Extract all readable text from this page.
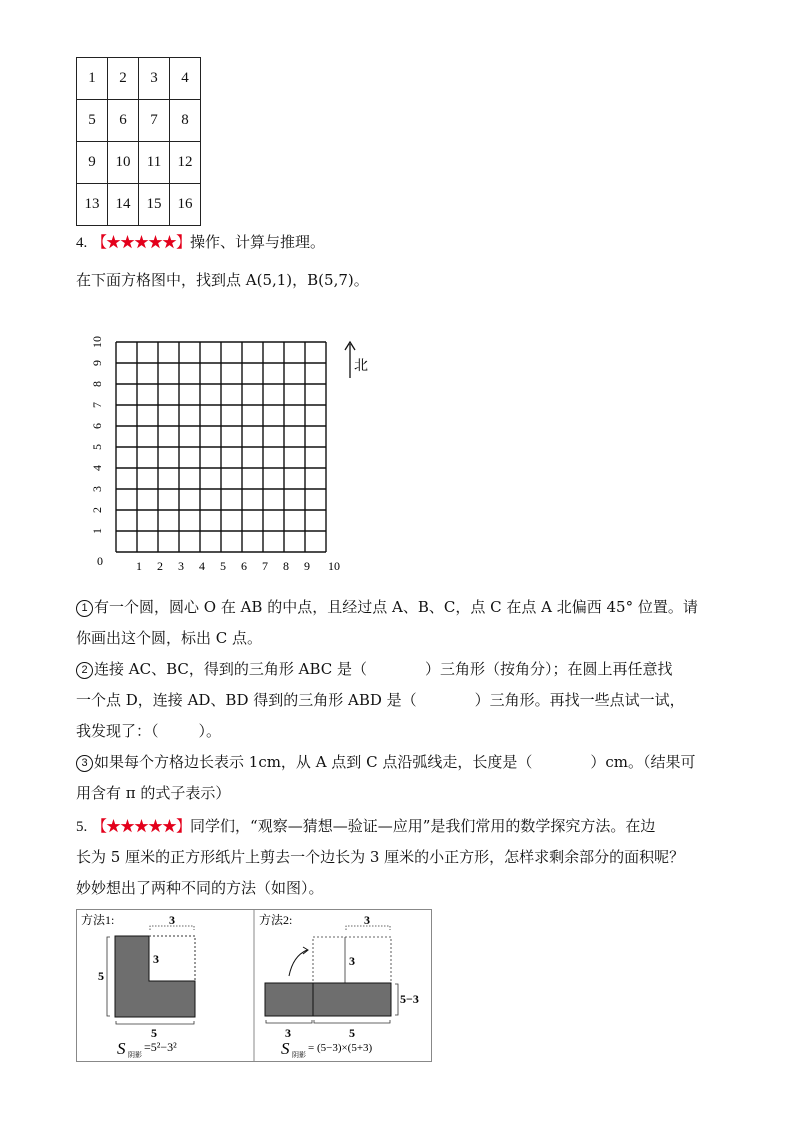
1	2	3	4
5	6	7	8
9	10	11	12
13	14	15	16
4. 【★★★★★】操作、计算与推理。
在下面方格图中，找到点 A(5,1)，B(5,7)。
0
1
2
3
4
5
6
7
8
9
10
1 2 3 4 5 6 7 8 9 10
北
1 有一个圆，圆心 O 在 AB 的中点，且经过点 A、B、C，点 C 在点 A 北偏西 45° 位置。请
你画出这个圆，标出 C 点。
2 连接 AC、BC，得到的三角形 ABC 是（	）三角形（按角分）；在圆上再任意找
一个点 D，连接 AD、BD 得到的三角形 ABD 是（	）三角形。再找一些点试一试，
我发现了：（	）。
3 如果每个方格边长表示 1cm，从 A 点到 C 点沿弧线走，长度是（	）cm。（结果可
用含有 π 的式子表示）
5. 【★★★★★】同学们，“观察—猜想—验证—应用”是我们常用的数学探究方法。在边
长为 5 厘米的正方形纸片上剪去一个边长为 3 厘米的小正方形，怎样求剩余部分的面积呢？
妙妙想出了两种不同的方法（如图）。
方法1:	3
3
5
5
S 阴影
=5²−3²
方法2:	3
3
5−3
3	5
S 阴影
= (5−3)×(5+3)
